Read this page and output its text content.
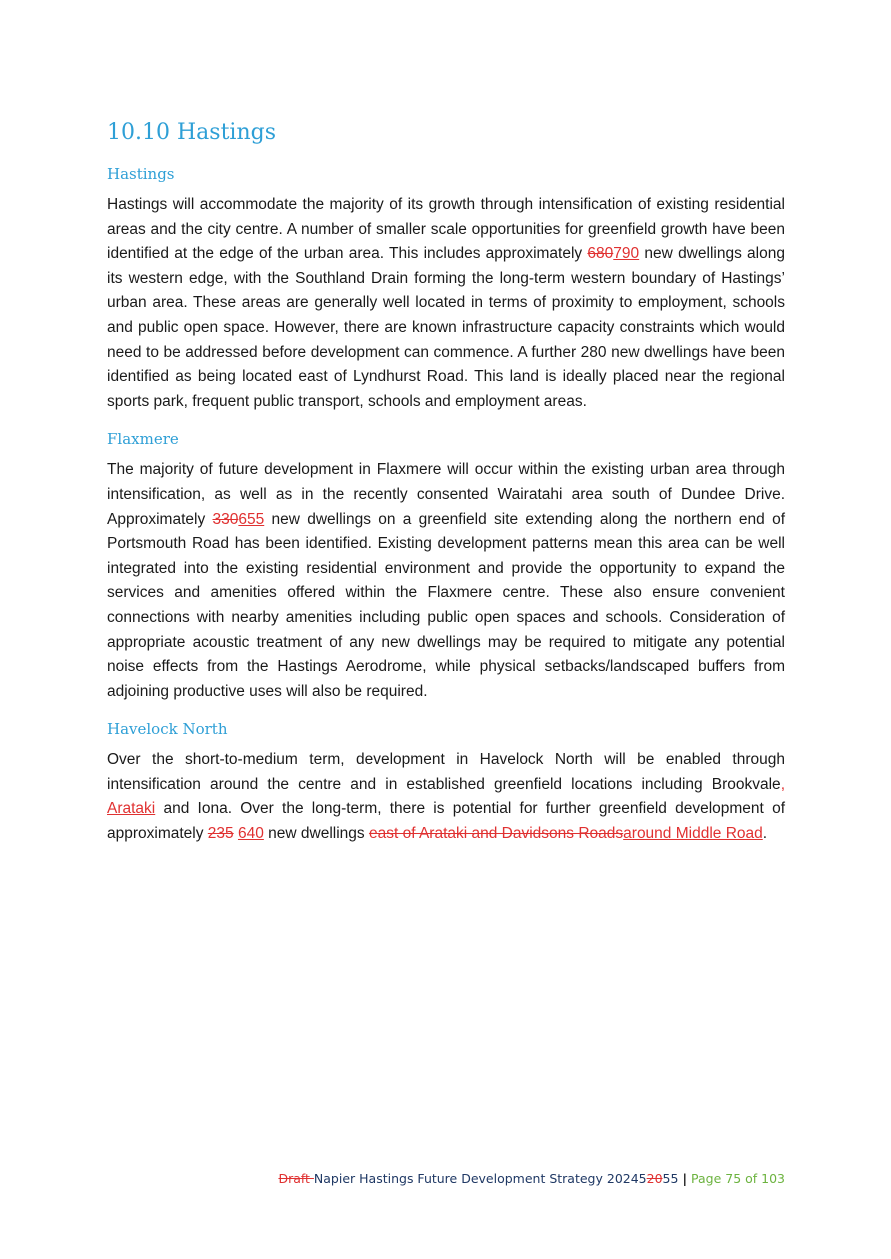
10.10 Hastings
Hastings

Hastings will accommodate the majority of its growth through intensification of existing residential areas and the city centre. A number of smaller scale opportunities for greenfield growth have been identified at the edge of the urban area. This includes approximately 680790 new dwellings along its western edge, with the Southland Drain forming the long-term western boundary of Hastings’ urban area. These areas are generally well located in terms of proximity to employment, schools and public open space. However, there are known infrastructure capacity constraints which would need to be addressed before development can commence. A further 280 new dwellings have been identified as being located east of Lyndhurst Road. This land is ideally placed near the regional sports park, frequent public transport, schools and employment areas.

Flaxmere

The majority of future development in Flaxmere will occur within the existing urban area through intensification, as well as in the recently consented Wairatahi area south of Dundee Drive. Approximately 330655 new dwellings on a greenfield site extending along the northern end of Portsmouth Road has been identified. Existing development patterns mean this area can be well integrated into the existing residential environment and provide the opportunity to expand the services and amenities offered within the Flaxmere centre. These also ensure convenient connections with nearby amenities including public open spaces and schools. Consideration of appropriate acoustic treatment of any new dwellings may be required to mitigate any potential noise effects from the Hastings Aerodrome, while physical setbacks/landscaped buffers from adjoining productive uses will also be required.

Havelock North

Over the short-to-medium term, development in Havelock North will be enabled through intensification around the centre and in established greenfield locations including Brookvale, Arataki and Iona. Over the long-term, there is potential for further greenfield development of approximately 235 640 new dwellings east of Arataki and Davidsons Roadsaround Middle Road.

Draft Napier Hastings Future Development Strategy 202452055 | Page 75 of 103
